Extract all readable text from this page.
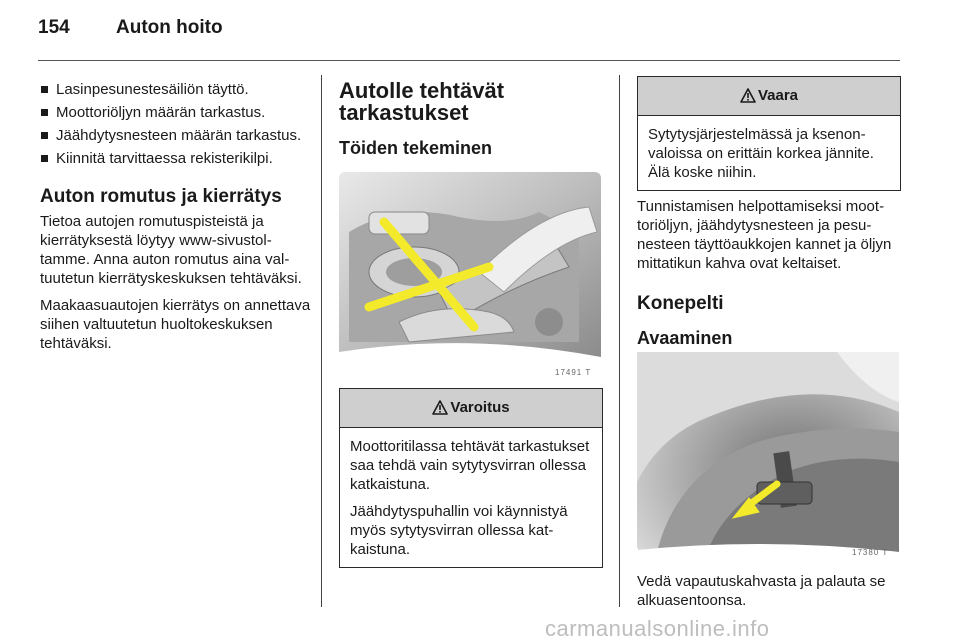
154 Auton hoito
Lasinpesunestesäiliön täyttö.
Moottoriöljyn määrän tarkastus.
Jäähdytysnesteen määrän tarkastus.
Kiinnitä tarvittaessa rekisterikilpi.
Auton romutus ja kierrätys

Tietoa autojen romutuspisteistä ja kierrätyksestä löytyy www-sivustoltamme. Anna auton romutus aina valtuutetun kierrätyskeskuksen tehtäväksi.

Maakaasuautojen kierrätys on annettava siihen valtuutetun huoltokeskuksen tehtäväksi.

Autolle tehtävät tarkastukset
Töiden tekeminen
17491 T
Varoitus

Moottoritilassa tehtävät tarkastukset saa tehdä vain sytytysvirran ollessa katkaistuna.

Jäähdytyspuhallin voi käynnistyä myös sytytysvirran ollessa katkaistuna.

Vaara

Sytytysjärjestelmässä ja ksenonvaloissa on erittäin korkea jännite. Älä koske niihin.

Tunnistamisen helpottamiseksi moottoriöljyn, jäähdytysnesteen ja pesunesteen täyttöaukkojen kannet ja öljyn mittatikun kahva ovat keltaiset.

Konepelti
Avaaminen
17380 T

Vedä vapautuskahvasta ja palauta se alkuasentoonsa.

carmanualsonline.info
